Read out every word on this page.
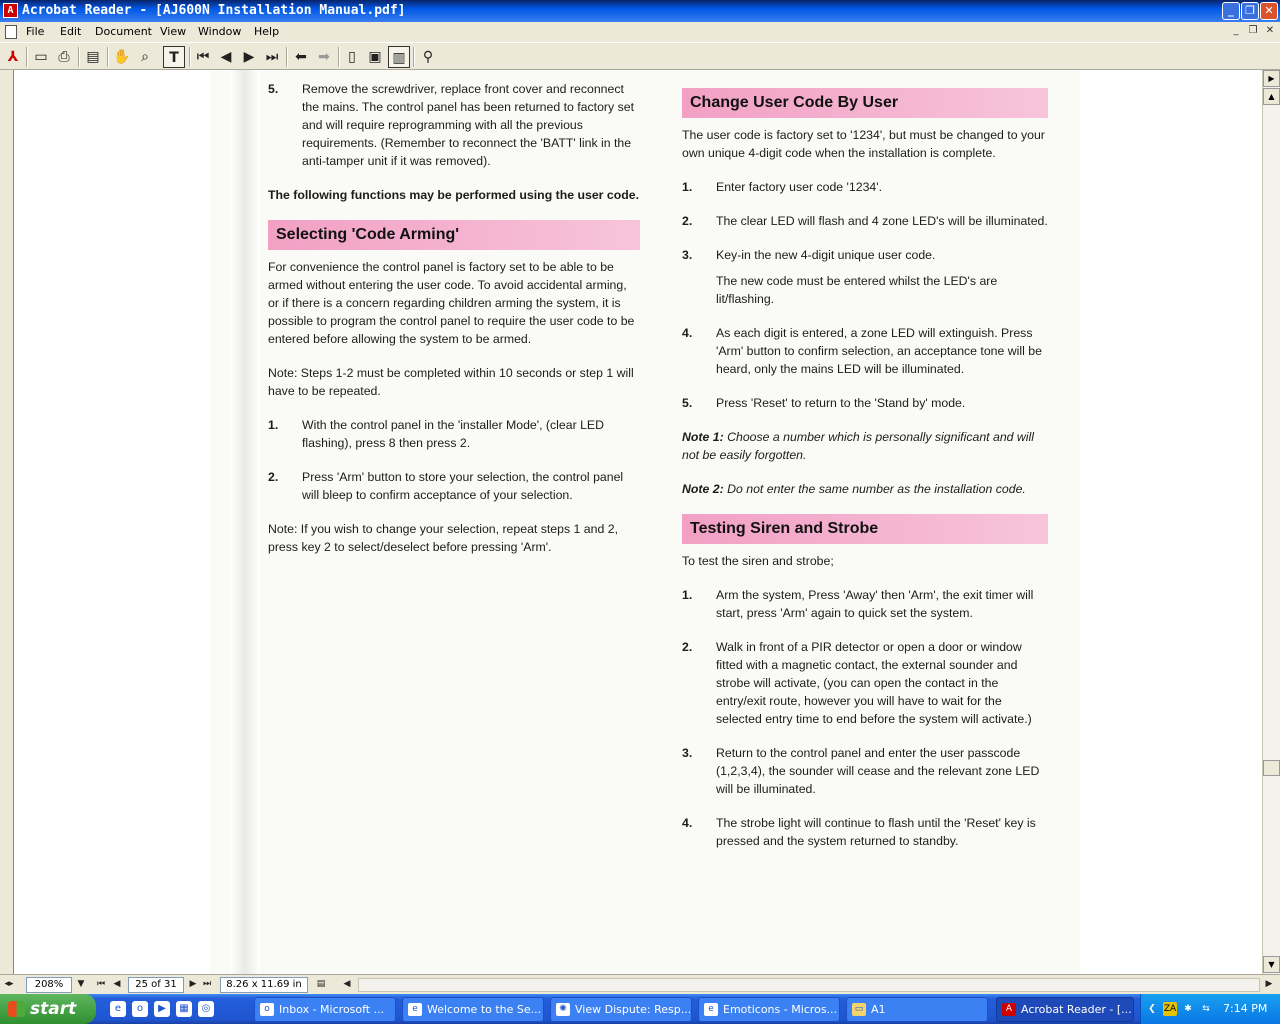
A Acrobat Reader - [AJ600N Installation Manual.pdf]	_	❐ ✕
File	Edit	Document View	Window	Help	_	❐ ✕
⅄	▭ ⎙	▤ ✋ ⌕	T	⏮ ◀ ▶ ⏭	⬅ ➡	▯ ▣ ▥	⚲
5. Remove the screwdriver, replace front cover and reconnect the mains. The control panel has been returned to factory set and will require reprogramming with all the previous requirements. (Remember to reconnect the 'BATT' link in the anti-tamper unit if it was removed).
The following functions may be performed using the user code.
Selecting 'Code Arming'
For convenience the control panel is factory set to be able to be armed without entering the user code. To avoid accidental arming, or if there is a concern regarding children arming the system, it is possible to program the control panel to require the user code to be entered before allowing the system to be armed.
Note: Steps 1-2 must be completed within 10 seconds or step 1 will have to be repeated.
1. With the control panel in the 'installer Mode', (clear LED flashing), press 8 then press 2.
2. Press 'Arm' button to store your selection, the control panel will bleep to confirm acceptance of your selection.
Note: If you wish to change your selection, repeat steps 1 and 2, press key 2 to select/deselect before pressing 'Arm'.
Change User Code By User
The user code is factory set to '1234', but must be changed to your own unique 4-digit code when the installation is complete.
1. Enter factory user code '1234'.
2. The clear LED will flash and 4 zone LED's will be illuminated.
3. Key-in the new 4-digit unique user code.
The new code must be entered whilst the LED's are lit/flashing.
4. As each digit is entered, a zone LED will extinguish. Press 'Arm' button to confirm selection, an acceptance tone will be heard, only the mains LED will be illuminated.
5. Press 'Reset' to return to the 'Stand by' mode.
Note 1: Choose a number which is personally significant and will not be easily forgotten.
Note 2: Do not enter the same number as the installation code.
Testing Siren and Strobe
To test the siren and strobe;
1. Arm the system, Press 'Away' then 'Arm', the exit timer will start, press 'Arm' again to quick set the system.
2. Walk in front of a PIR detector or open a door or window fitted with a magnetic contact, the external sounder and strobe will activate, (you can open the contact in the entry/exit route, however you will have to wait for the selected entry time to end before the system will activate.)
3. Return to the control panel and enter the user passcode (1,2,3,4), the sounder will cease and the relevant zone LED will be illuminated.
4. The strobe light will continue to flash until the 'Reset' key is pressed and the system returned to standby.
▶
▲
▼
◂▸	208%	▼	⏮ ◀	25 of 31	▶ ⏭	8.26 x 11.69 in	▤	◀	▶
start	e	o	▶	▦	◎	o Inbox - Microsoft ...	e Welcome to the Se...	✺ View Dispute: Resp...	e Emoticons - Micros...	▭ A1	A Acrobat Reader - [...	❮ ZA ✱	⇆ 7:14 PM
